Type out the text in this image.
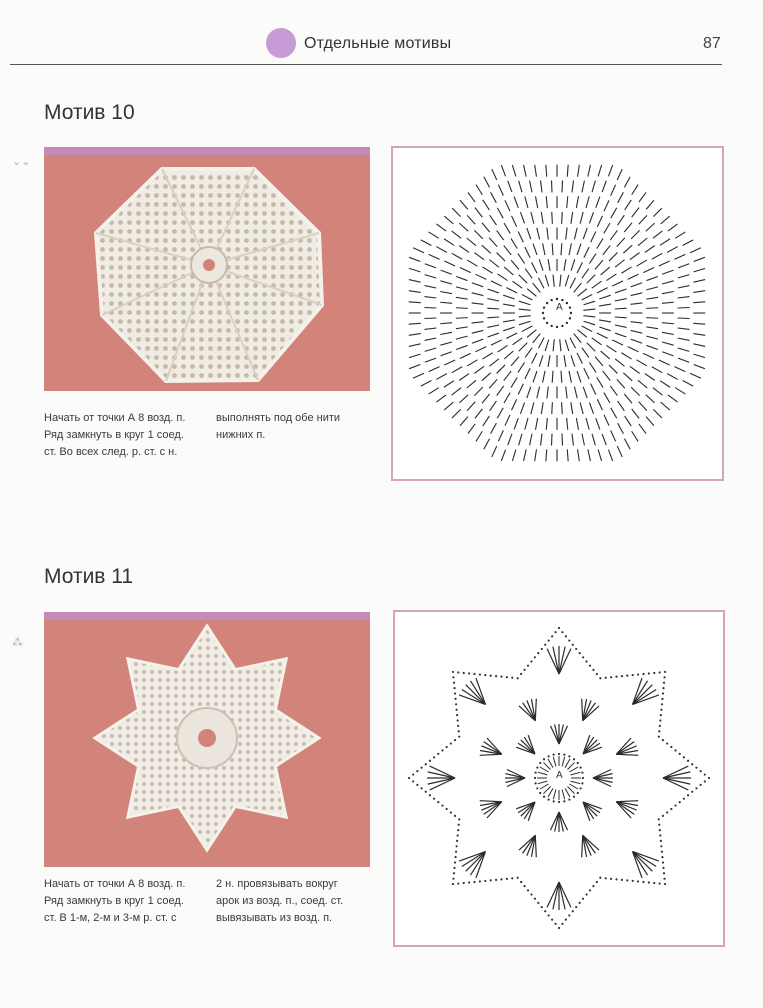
Отдельные мотивы	87
⌄⌄
⁂
Мотив 10
Начать от точки А 8 возд. п.
Ряд замкнуть в круг 1 соед.
ст. Во всех след. р. ст. с н.
выполнять под обе нити
нижних п.
A
Мотив 11
Начать от точки А 8 возд. п.
Ряд замкнуть в круг 1 соед.
ст. В 1-м, 2-м и 3-м р. ст. с
2 н. провязывать вокруг
арок из возд. п., соед. ст.
вывязывать из возд. п.
A
